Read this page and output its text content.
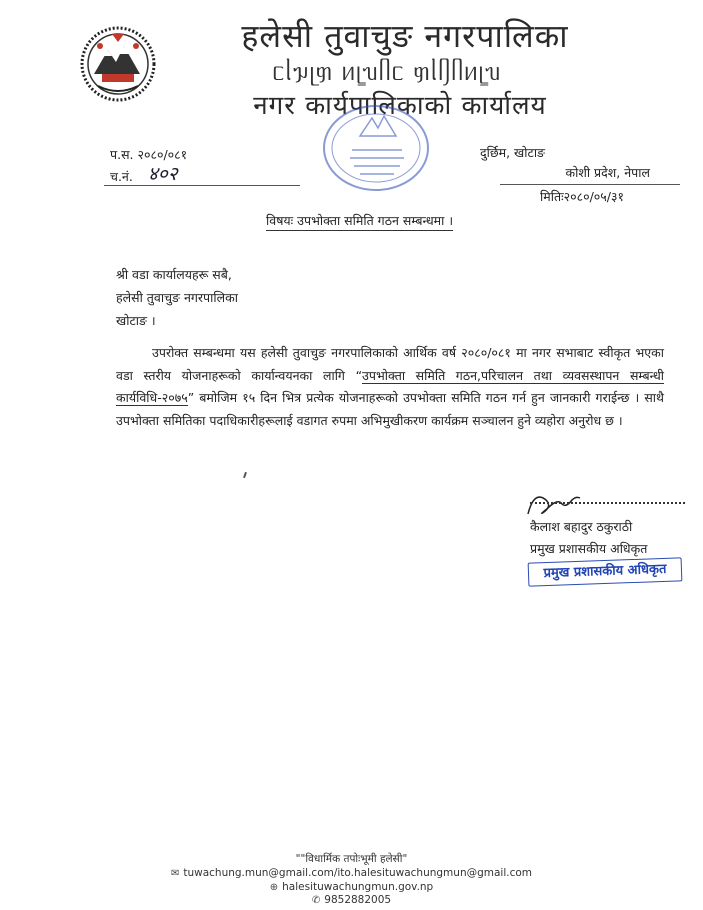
हलेसी तुवाचुङ नगरपालिका
ᥴᥣᥭᥨᥞ ᥢᥧᥔᥥᥴ ᥞᥣᥦᥥᥢᥧᥔ
नगर कार्यपालिकाको कार्यालय
प.स. २०८०/०८१
च.नं. ४०२
दुर्छिम, खोटाङ
कोशी प्रदेश, नेपाल
मितिः२०८०/०५/३१
विषयः उपभोक्ता समिति गठन सम्बन्धमा ।
श्री वडा कार्यालयहरू सबै,
हलेसी तुवाचुङ नगरपालिका
खोटाङ ।
उपरोक्त सम्बन्धमा यस हलेसी तुवाचुङ नगरपालिकाको आर्थिक वर्ष २०८०/०८१ मा नगर सभाबाट स्वीकृत भएका वडा स्तरीय योजनाहरूको कार्यान्वयनका लागि “उपभोक्ता समिति गठन,परिचालन तथा व्यवसस्थापन सम्बन्धी कार्यविधि-२०७५” बमोजिम १५ दिन भित्र प्रत्येक योजनाहरूको उपभोक्ता समिति गठन गर्न हुन जानकारी गराईन्छ । साथै उपभोक्ता समितिका पदाधिकारीहरूलाई वडागत रुपमा अभिमुखीकरण कार्यक्रम सञ्चालन हुने व्यहोरा अनुरोध छ ।
कैलाश बहादुर ठकुराठी
प्रमुख प्रशासकीय अधिकृत
प्रमुख प्रशासकीय अधिकृत
""विधार्मिक तपोःभूमी हलेसी"
✉ tuwachung.mun@gmail.com/ito.halesituwachungmun@gmail.com
⊕ halesituwachungmun.gov.np
✆ 9852882005
